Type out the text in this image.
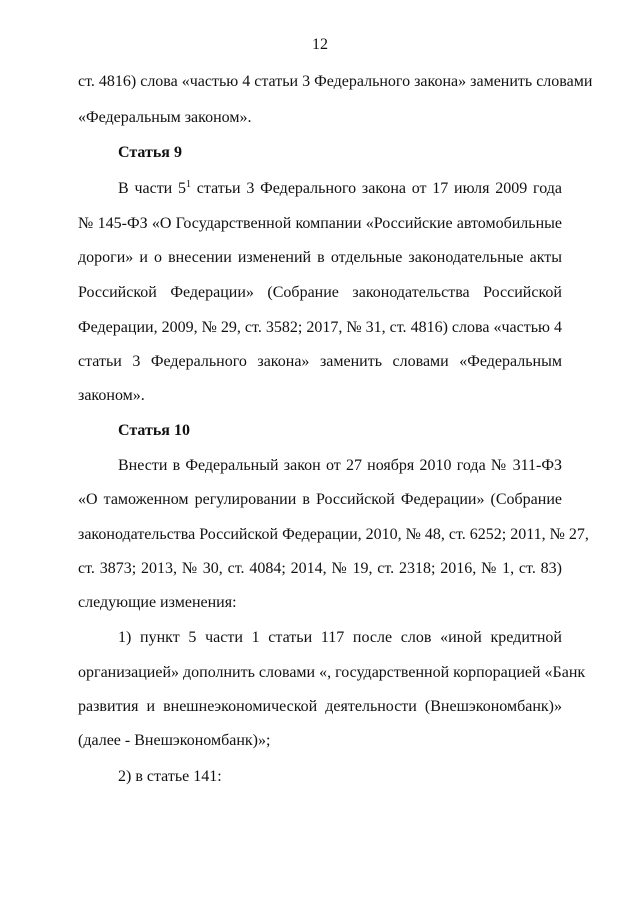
12
ст. 4816) слова «частью 4 статьи 3 Федерального закона» заменить словами
«Федеральным законом».
Статья 9
В части $5^1$ статьи 3 Федерального закона от 17 июля 2009 года
№ 145-ФЗ «О Государственной компании «Российские автомобильные
дороги» и о внесении изменений в отдельные законодательные акты
Российской Федерации» (Собрание законодательства Российской
Федерации, 2009, № 29, ст. 3582; 2017, № 31, ст. 4816) слова «частью 4
статьи 3 Федерального закона» заменить словами «Федеральным
законом».
Статья 10
Внести в Федеральный закон от 27 ноября 2010 года № 311-ФЗ
«О таможенном регулировании в Российской Федерации» (Собрание
законодательства Российской Федерации, 2010, № 48, ст. 6252; 2011, № 27,
ст. 3873; 2013, № 30, ст. 4084; 2014, № 19, ст. 2318; 2016, № 1, ст. 83)
следующие изменения:
1) пункт 5 части 1 статьи 117 после слов «иной кредитной
организацией» дополнить словами «, государственной корпорацией «Банк
развития и внешнеэкономической деятельности (Внешэкономбанк)»
(далее - Внешэкономбанк)»;
2) в статье 141:
